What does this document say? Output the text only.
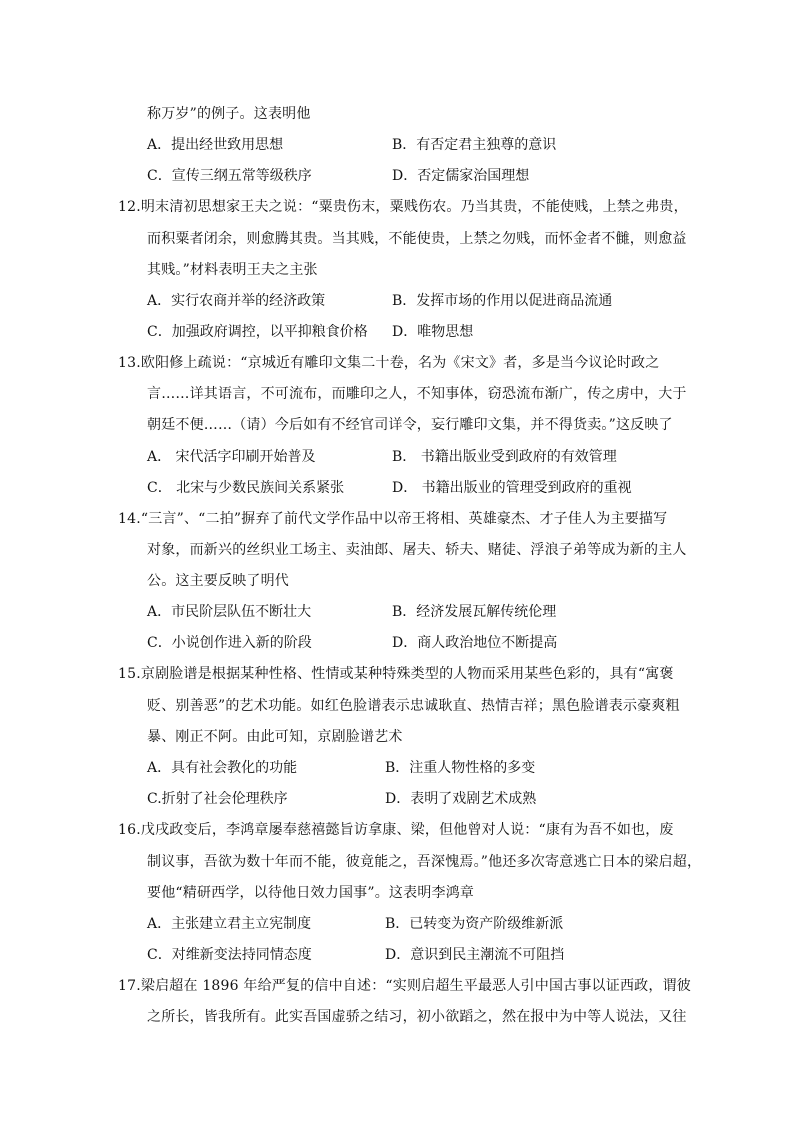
称万岁”的例子。这表明他
A．提出经世致用思想	B．有否定君主独尊的意识
C．宣传三纲五常等级秩序	D．否定儒家治国理想
12.明末清初思想家王夫之说：“粟贵伤末，粟贱伤农。乃当其贵，不能使贱，上禁之弗贵，
而积粟者闭余，则愈腾其贵。当其贱，不能使贵，上禁之勿贱，而怀金者不雠，则愈益
其贱。”材料表明王夫之主张
A．实行农商并举的经济政策	B．发挥市场的作用以促进商品流通
C．加强政府调控，以平抑粮食价格 D．唯物思想
13.欧阳修上疏说：“京城近有雕印文集二十卷，名为《宋文》者，多是当今议论时政之
言……详其语言，不可流布，而雕印之人，不知事体，窃恐流布渐广，传之虏中，大于
朝廷不便……（请）今后如有不经官司详令，妄行雕印文集，并不得货卖。”这反映了
A． 宋代活字印刷开始普及	B． 书籍出版业受到政府的有效管理
C． 北宋与少数民族间关系紧张	D． 书籍出版业的管理受到政府的重视
14.“三言”、“二拍”摒弃了前代文学作品中以帝王将相、英雄豪杰、才子佳人为主要描写
对象，而新兴的丝织业工场主、卖油郎、屠夫、轿夫、赌徒、浮浪子弟等成为新的主人
公。这主要反映了明代
A．市民阶层队伍不断壮大	B．经济发展瓦解传统伦理
C．小说创作进入新的阶段	D．商人政治地位不断提高
15.京剧脸谱是根据某种性格、性情或某种特殊类型的人物而采用某些色彩的，具有“寓褒
贬、别善恶”的艺术功能。如红色脸谱表示忠诚耿直、热情吉祥；黑色脸谱表示豪爽粗
暴、刚正不阿。由此可知，京剧脸谱艺术
A．具有社会教化的功能	B．注重人物性格的多变
C.折射了社会伦理秩序	D．表明了戏剧艺术成熟
16.戊戌政变后，李鸿章屡奉慈禧懿旨访拿康、梁，但他曾对人说：“康有为吾不如也，废
制议事，吾欲为数十年而不能，彼竟能之，吾深愧焉。”他还多次寄意逃亡日本的梁启超，
要他“精研西学，以待他日效力国事”。这表明李鸿章
A．主张建立君主立宪制度	B．已转变为资产阶级维新派
C．对维新变法持同情态度	D．意识到民主潮流不可阻挡
17.梁启超在 1896 年给严复的信中自述：“实则启超生平最恶人引中国古事以证西政，谓彼
之所长，皆我所有。此实吾国虚骄之结习，初小欲蹈之，然在报中为中等人说法，又往
